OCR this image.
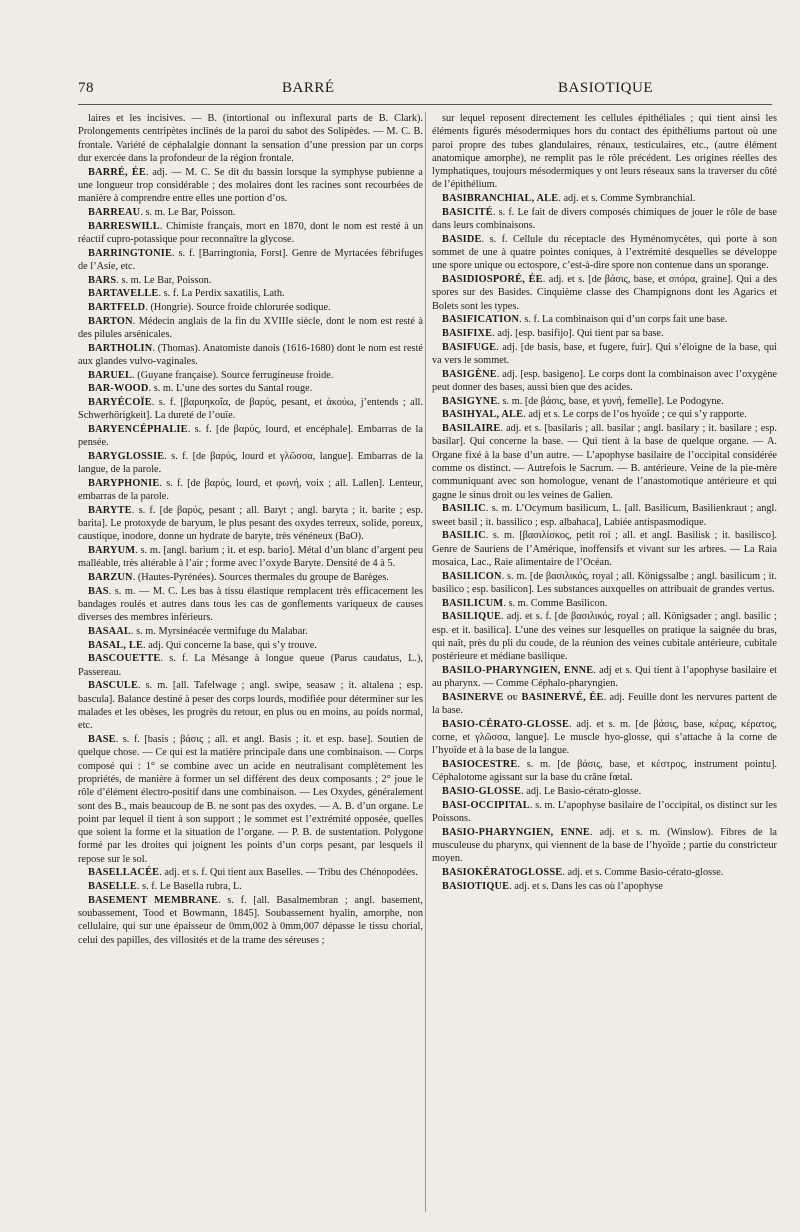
78	BARRÉ	BASIOTIQUE

laires et les incisives. — B. (intortional ou inflexural parts de B. Clark). Prolongements centripètes inclinés de la paroi du sabot des Solipèdes. — M. C. B. frontale. Variété de céphalalgie donnant la sensation d’une pression par un corps dur exercée dans la profondeur de la région frontale.

BARRÉ, ÉE. adj. — M. C. Se dit du bassin lorsque la symphyse pubienne a une longueur trop considérable ; des molaires dont les racines sont recourbées de manière à comprendre entre elles une portion d’os.

BARREAU. s. m. Le Bar, Poisson.

BARRESWILL. Chimiste français, mort en 1870, dont le nom est resté à un réactif cupro-potassique pour reconnaître la glycose.

BARRINGTONIE. s. f. [Barringtonia, Forst]. Genre de Myrtacées fébrifuges de l’Asie, etc.

BARS. s. m. Le Bar, Poisson.

BARTAVELLE. s. f. La Perdix saxatilis, Lath.

BARTFELD. (Hongrie). Source froide chlorurée sodique.

BARTON. Médecin anglais de la fin du XVIIIe siècle, dont le nom est resté à des pilules arsénicales.

BARTHOLIN. (Thomas). Anatomiste danois (1616-1680) dont le nom est resté aux glandes vulvo-vaginales.

BARUEL. (Guyane française). Source ferrugineuse froide.

BAR-WOOD. s. m. L’une des sortes du Santal rouge.

BARYÉCOÏE. s. f. [βαρυηκοΐα, de βαρύς, pesant, et ἀκούω, j’entends ; all. Schwerhörigkeit]. La dureté de l’ouïe.

BARYENCÉPHALIE. s. f. [de βαρύς, lourd, et encéphale]. Embarras de la pensée.

BARYGLOSSIE. s. f. [de βαρύς, lourd et γλῶσσα, langue]. Embarras de la langue, de la parole.

BARYPHONIE. s. f. [de βαρύς, lourd, et φωνή, voix ; all. Lallen]. Lenteur, embarras de la parole.

BARYTE. s. f. [de βαρύς, pesant ; all. Baryt ; angl. baryta ; it. barite ; esp. barita]. Le protoxyde de baryum, le plus pesant des oxydes terreux, solide, poreux, caustique, inodore, donne un hydrate de baryte, très vénéneux (BaO).

BARYUM. s. m. [angl. barium ; it. et esp. bario]. Métal d’un blanc d’argent peu malléable, très altérable à l’air ; forme avec l’oxyde Baryte. Densité de 4 à 5.

BARZUN. (Hautes-Pyrénées). Sources thermales du groupe de Barèges.

BAS. s. m. — M. C. Les bas à tissu élastique remplacent très efficacement les bandages roulés et autres dans tous les cas de gonflements variqueux de causes diverses des membres inférieurs.

BASAAL. s. m. Myrsinéacée vermifuge du Malabar.

BASAL, LE. adj. Qui concerne la base, qui s’y trouve.

BASCOUETTE. s. f. La Mésange à longue queue (Parus caudatus, L.), Passereau.

BASCULE. s. m. [all. Tafelwage ; angl. swipe, seasaw ; it. altalena ; esp. bascula]. Balance destiné à peser des corps lourds, modifiée pour déterminer sur les malades et les obèses, les progrès du retour, en plus ou en moins, au poids normal, etc.

BASE. s. f. [basis ; βάσις ; all. et angl. Basis ; it. et esp. base]. Soutien de quelque chose. — Ce qui est la matière principale dans une combinaison. — Corps composé qui : 1° se combine avec un acide en neutralisant complètement les propriétés, de manière à former un sel différent des deux composants ; 2° joue le rôle d’élément électro-positif dans une combinaison. — Les Oxydes, généralement sont des B., mais beaucoup de B. ne sont pas des oxydes. — A. B. d’un organe. Le point par lequel il tient à son support ; le sommet est l’extrémité opposée, quelles que soient la forme et la situation de l’organe. — P. B. de sustentation. Polygone formé par les droites qui joignent les points d’un corps pesant, par lesquels il repose sur le sol.

BASELLACÉE. adj. et s. f. Qui tient aux Baselles. — Tribu des Chénopodées.

BASELLE. s. f. Le Basella rubra, L.

BASEMENT MEMBRANE. s. f. [all. Basalmembran ; angl. basement, soubassement, Tood et Bowmann, 1845]. Soubassement hyalin, amorphe, non cellulaire, qui sur une épaisseur de 0mm,002 à 0mm,007 dépasse le tissu chorial, celui des papilles, des villosités et de la trame des séreuses ;

sur lequel reposent directement les cellules épithéliales ; qui tient ainsi les éléments figurés mésodermiques hors du contact des épithéliums partout où une paroi propre des tubes glandulaires, rénaux, testiculaires, etc., (autre élément anatomique amorphe), ne remplit pas le rôle précédent. Les origines réelles des lymphatiques, toujours mésodermiques y ont leurs réseaux sans la traverser du côté de l’épithélium.

BASIBRANCHIAL, ALE. adj. et s. Comme Symbranchial.

BASICITÉ. s. f. Le fait de divers composés chimiques de jouer le rôle de base dans leurs combinaisons.

BASIDE. s. f. Cellule du réceptacle des Hyménomycètes, qui porte à son sommet de une à quatre pointes coniques, à l’extrémité desquelles se développe une spore unique ou ectospore, c’est-à-dire spore non contenue dans un sporange.

BASIDIOSPORÉ, ÉE. adj. et s. [de βάσις, base, et σπόρα, graine]. Qui a des spores sur des Basides. Cinquième classe des Champignons dont les Agarics et Bolets sont les types.

BASIFICATION. s. f. La combinaison qui d’un corps fait une base.

BASIFIXE. adj. [esp. basifijo]. Qui tient par sa base.

BASIFUGE. adj. [de basis, base, et fugere, fuir]. Qui s’éloigne de la base, qui va vers le sommet.

BASIGÈNE. adj. [esp. basigeno]. Le corps dont la combinaison avec l’oxygène peut donner des bases, aussi bien que des acides.

BASIGYNE. s. m. [de βάσις, base, et γυνή, femelle]. Le Podogyne.

BASIHYAL, ALE. adj et s. Le corps de l’os hyoïde ; ce qui s’y rapporte.

BASILAIRE. adj. et s. [basilaris ; all. basilar ; angl. basilary ; it. basilare ; esp. basilar]. Qui concerne la base. — Qui tient à la base de quelque organe. — A. Organe fixé à la base d’un autre. — L’apophyse basilaire de l’occipital considérée comme os distinct. — Autrefois le Sacrum. — B. antérieure. Veine de la pie-mère communiquant avec son homologue, venant de l’anastomotique antérieure et qui gagne le sinus droit ou les veines de Galien.

BASILIC. s. m. L’Ocymum basilicum, L. [all. Basilicum, Basilienkraut ; angl. sweet basil ; it. bassilico ; esp. albahaca], Labiée antispasmodique.

BASILIC. s. m. [βασιλίσκος, petit roi ; all. et angl. Basilisk ; it. basilisco]. Genre de Sauriens de l’Amérique, inoffensifs et vivant sur les arbres. — La Raia mosaica, Lac., Raie alimentaire de l’Océan.

BASILICON. s. m. [de βασιλικός, royal ; all. Königssalbe ; angl. basilicum ; it. basilico ; esp. basilicon]. Les substances auxquelles on attribuait de grandes vertus.

BASILICUM. s. m. Comme Basilicon.

BASILIQUE. adj. et s. f. [de βασιλικός, royal ; all. Königsader ; angl. basilic ; esp. et it. basilica]. L’une des veines sur lesquelles on pratique la saignée du bras, qui naît, près du pli du coude, de la réunion des veines cubitale antérieure, cubitale postérieure et médiane basilique.

BASILO-PHARYNGIEN, ENNE. adj et s. Qui tient à l’apophyse basilaire et au pharynx. — Comme Céphalo-pharyngien.

BASINERVE ou BASINERVÉ, ÉE. adj. Feuille dont les nervures partent de la base.

BASIO-CÉRATO-GLOSSE. adj. et s. m. [de βάσις, base, κέρας, κέρατος, corne, et γλῶσσα, langue]. Le muscle hyo-glosse, qui s’attache à la corne de l’hyoïde et à la base de la langue.

BASIOCESTRE. s. m. [de βάσις, base, et κέστρος, instrument pointu]. Céphalotome agissant sur la base du crâne fœtal.

BASIO-GLOSSE. adj. Le Basio-cérato-glosse.

BASI-OCCIPITAL. s. m. L’apophyse basilaire de l’occipital, os distinct sur les Poissons.

BASIO-PHARYNGIEN, ENNE. adj. et s. m. (Winslow). Fibres de la musculeuse du pharynx, qui viennent de la base de l’hyoïde ; partie du constricteur moyen.

BASIOKÉRATOGLOSSE. adj. et s. Comme Basio-cérato-glosse.

BASIOTIQUE. adj. et s. Dans les cas où l’apophyse
